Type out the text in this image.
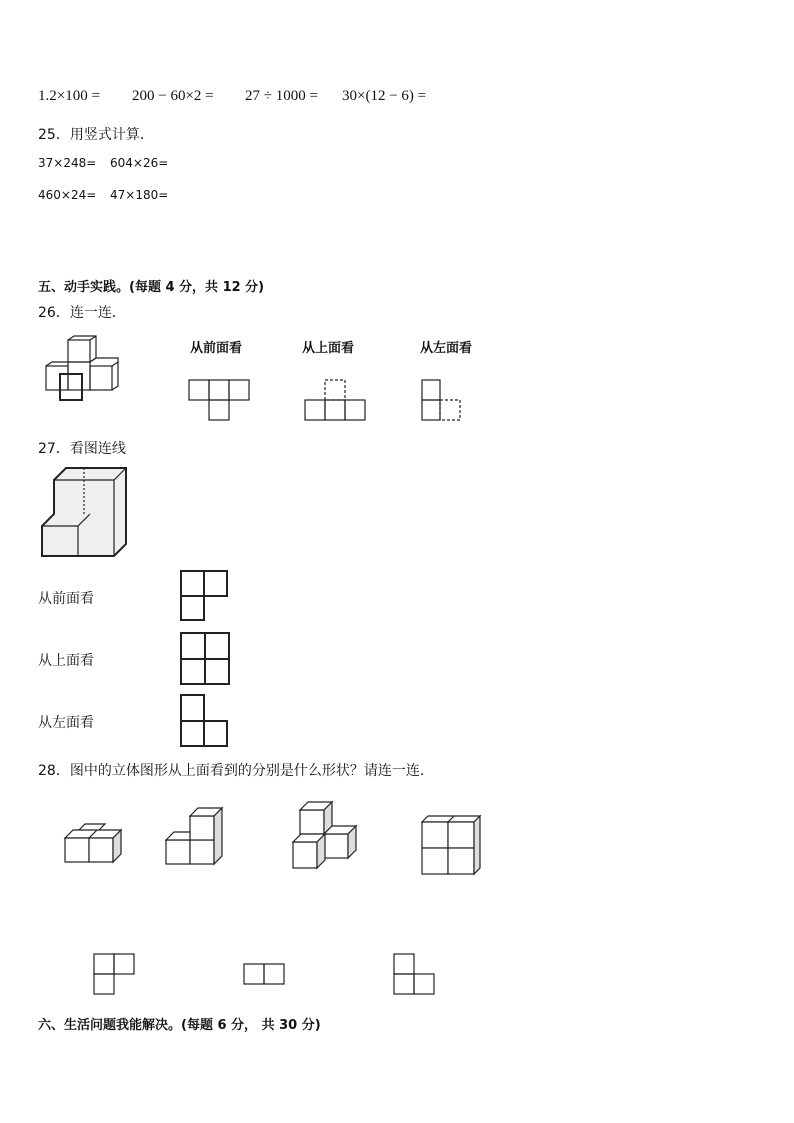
1.2×100 = 200 − 60×2 = 27 ÷ 1000 = 30×(12 − 6) =
25．用竖式计算．
37×248= 604×26=
460×24= 47×180=
五、动手实践。(每题 4 分，共 12 分)
26．连一连．
从前面看	从上面看	从左面看
27．看图连线
从前面看
从上面看
从左面看
28．图中的立体图形从上面看到的分别是什么形状？请连一连．
六、生活问题我能解决。(每题 6 分， 共 30 分)
